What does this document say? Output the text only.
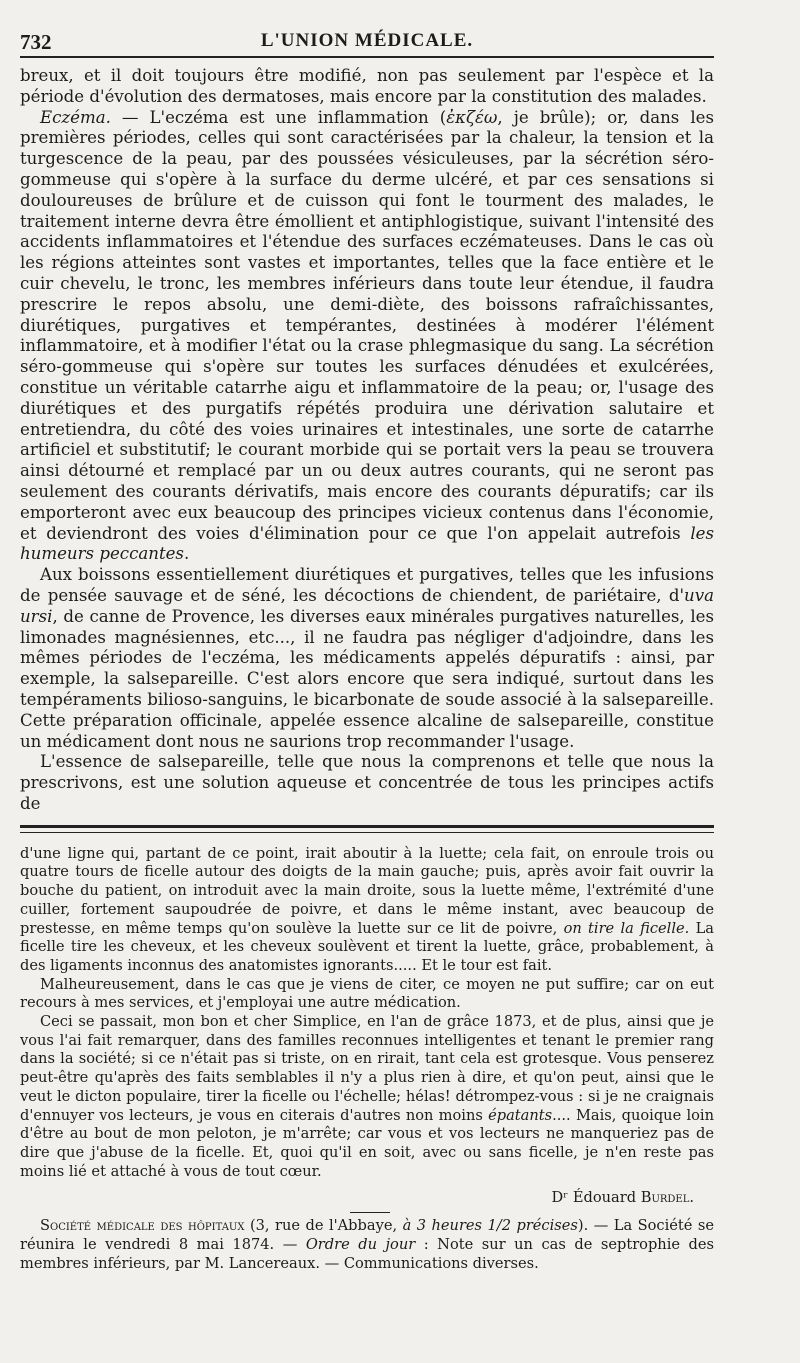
732	L'UNION MÉDICALE.

breux, et il doit toujours être modifié, non pas seulement par l'espèce et la période d'évolution des dermatoses, mais encore par la constitution des malades.

Eczéma. — L'eczéma est une inflammation (ἐκζέω, je brûle); or, dans les premières périodes, celles qui sont caractérisées par la chaleur, la tension et la turgescence de la peau, par des poussées vésiculeuses, par la sécrétion séro-gommeuse qui s'opère à la surface du derme ulcéré, et par ces sensations si douloureuses de brûlure et de cuisson qui font le tourment des malades, le traitement interne devra être émollient et antiphlogistique, suivant l'intensité des accidents inflammatoires et l'étendue des surfaces eczémateuses. Dans le cas où les régions atteintes sont vastes et importantes, telles que la face entière et le cuir chevelu, le tronc, les membres inférieurs dans toute leur étendue, il faudra prescrire le repos absolu, une demi-diète, des boissons rafraîchissantes, diurétiques, purgatives et tempérantes, destinées à modérer l'élément inflammatoire, et à modifier l'état ou la crase phlegmasique du sang. La sécrétion séro-gommeuse qui s'opère sur toutes les surfaces dénudées et exulcérées, constitue un véritable catarrhe aigu et inflammatoire de la peau; or, l'usage des diurétiques et des purgatifs répétés produira une dérivation salutaire et entretiendra, du côté des voies urinaires et intestinales, une sorte de catarrhe artificiel et substitutif; le courant morbide qui se portait vers la peau se trouvera ainsi détourné et remplacé par un ou deux autres courants, qui ne seront pas seulement des courants dérivatifs, mais encore des courants dépuratifs; car ils emporteront avec eux beaucoup des principes vicieux contenus dans l'économie, et deviendront des voies d'élimination pour ce que l'on appelait autrefois les humeurs peccantes.

Aux boissons essentiellement diurétiques et purgatives, telles que les infusions de pensée sauvage et de séné, les décoctions de chiendent, de pariétaire, d'uva ursi, de canne de Provence, les diverses eaux minérales purgatives naturelles, les limonades magnésiennes, etc..., il ne faudra pas négliger d'adjoindre, dans les mêmes périodes de l'eczéma, les médicaments appelés dépuratifs : ainsi, par exemple, la salsepareille. C'est alors encore que sera indiqué, surtout dans les tempéraments bilioso-sanguins, le bicarbonate de soude associé à la salsepareille. Cette préparation officinale, appelée essence alcaline de salsepareille, constitue un médicament dont nous ne saurions trop recommander l'usage.

L'essence de salsepareille, telle que nous la comprenons et telle que nous la prescrivons, est une solution aqueuse et concentrée de tous les principes actifs de

d'une ligne qui, partant de ce point, irait aboutir à la luette; cela fait, on enroule trois ou quatre tours de ficelle autour des doigts de la main gauche; puis, après avoir fait ouvrir la bouche du patient, on introduit avec la main droite, sous la luette même, l'extrémité d'une cuiller, fortement saupoudrée de poivre, et dans le même instant, avec beaucoup de prestesse, en même temps qu'on soulève la luette sur ce lit de poivre, on tire la ficelle. La ficelle tire les cheveux, et les cheveux soulèvent et tirent la luette, grâce, probablement, à des ligaments inconnus des anatomistes ignorants..... Et le tour est fait.

Malheureusement, dans le cas que je viens de citer, ce moyen ne put suffire; car on eut recours à mes services, et j'employai une autre médication.

Ceci se passait, mon bon et cher Simplice, en l'an de grâce 1873, et de plus, ainsi que je vous l'ai fait remarquer, dans des familles reconnues intelligentes et tenant le premier rang dans la société; si ce n'était pas si triste, on en rirait, tant cela est grotesque. Vous penserez peut-être qu'après des faits semblables il n'y a plus rien à dire, et qu'on peut, ainsi que le veut le dicton populaire, tirer la ficelle ou l'échelle; hélas! détrompez-vous : si je ne craignais d'ennuyer vos lecteurs, je vous en citerais d'autres non moins épatants.... Mais, quoique loin d'être au bout de mon peloton, je m'arrête; car vous et vos lecteurs ne manqueriez pas de dire que j'abuse de la ficelle. Et, quoi qu'il en soit, avec ou sans ficelle, je n'en reste pas moins lié et attaché à vous de tout cœur.

Dʳ Édouard Burdel.

Société médicale des hôpitaux (3, rue de l'Abbaye, à 3 heures 1/2 précises). — La Société se réunira le vendredi 8 mai 1874. — Ordre du jour : Note sur un cas de septrophie des membres inférieurs, par M. Lancereaux. — Communications diverses.
